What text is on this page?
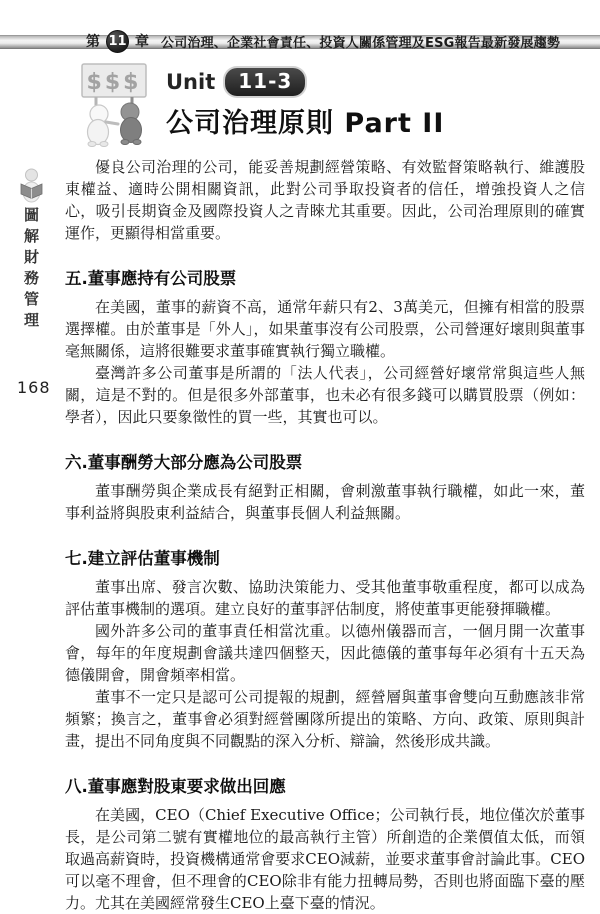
第 11 章 公司治理、企業社會責任、投資人關係管理及ESG報告最新發展趨勢
圖解財務管理
168
$$$ Unit	11-3
公司治理原則 Part II

優良公司治理的公司，能妥善規劃經營策略、有效監督策略執行、維護股東權益、適時公開相關資訊，此對公司爭取投資者的信任，增強投資人之信心，吸引長期資金及國際投資人之青睞尤其重要。因此，公司治理原則的確實運作，更顯得相當重要。

五.董事應持有公司股票

在美國，董事的薪資不高，通常年薪只有2、3萬美元，但擁有相當的股票選擇權。由於董事是「外人」，如果董事沒有公司股票，公司營運好壞則與董事毫無關係，這將很難要求董事確實執行獨立職權。

臺灣許多公司董事是所謂的「法人代表」，公司經營好壞常常與這些人無關，這是不對的。但是很多外部董事，也未必有很多錢可以購買股票（例如：學者），因此只要象徵性的買一些，其實也可以。

六.董事酬勞大部分應為公司股票

董事酬勞與企業成長有絕對正相關，會刺激董事執行職權，如此一來，董事利益將與股東利益結合，與董事長個人利益無關。

七.建立評估董事機制

董事出席、發言次數、協助決策能力、受其他董事敬重程度，都可以成為評估董事機制的選項。建立良好的董事評估制度，將使董事更能發揮職權。

國外許多公司的董事責任相當沈重。以德州儀器而言，一個月開一次董事會，每年的年度規劃會議共達四個整天，因此德儀的董事每年必須有十五天為德儀開會，開會頻率相當。

董事不一定只是認可公司提報的規劃，經營層與董事會雙向互動應該非常頻繁；換言之，董事會必須對經營團隊所提出的策略、方向、政策、原則與計畫，提出不同角度與不同觀點的深入分析、辯論，然後形成共識。

八.董事應對股東要求做出回應

在美國，CEO（Chief Executive Office；公司執行長，地位僅次於董事長，是公司第二號有實權地位的最高執行主管）所創造的企業價值太低，而領取過高薪資時，投資機構通常會要求CEO減薪，並要求董事會討論此事。CEO可以毫不理會，但不理會的CEO除非有能力扭轉局勢，否則也將面臨下臺的壓力。尤其在美國經常發生CEO上臺下臺的情況。
